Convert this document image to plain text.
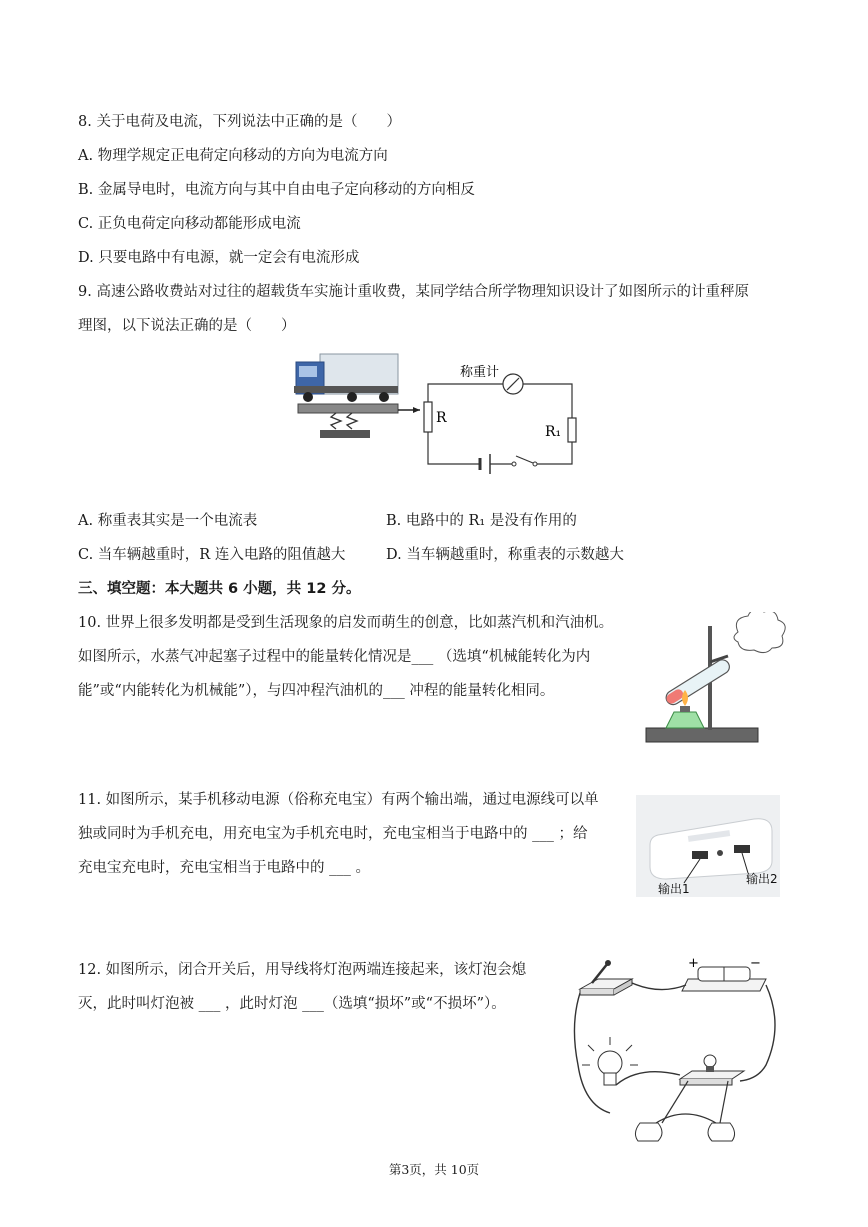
8. 关于电荷及电流，下列说法中正确的是（　　）
A. 物理学规定正电荷定向移动的方向为电流方向
B. 金属导电时，电流方向与其中自由电子定向移动的方向相反
C. 正负电荷定向移动都能形成电流
D. 只要电路中有电源，就一定会有电流形成
9. 高速公路收费站对过往的超载货车实施计重收费，某同学结合所学物理知识设计了如图所示的计重秤原
理图，以下说法正确的是（　　）
R
称重计
R₁
A. 称重表其实是一个电流表	B. 电路中的 R₁ 是没有作用的
C. 当车辆越重时，R 连入电路的阻值越大	D. 当车辆越重时，称重表的示数越大
三、填空题：本大题共 6 小题，共 12 分。
10. 世界上很多发明都是受到生活现象的启发而萌生的创意，比如蒸汽机和汽油机。
如图所示，水蒸气冲起塞子过程中的能量转化情况是___ （选填“机械能转化为内
能”或“内能转化为机械能”），与四冲程汽油机的___ 冲程的能量转化相同。
11. 如图所示，某手机移动电源（俗称充电宝）有两个输出端，通过电源线可以单
独或同时为手机充电，用充电宝为手机充电时，充电宝相当于电路中的 ___ ；给
充电宝充电时，充电宝相当于电路中的 ___ 。
输出1
输出2
12. 如图所示，闭合开关后，用导线将灯泡两端连接起来，该灯泡会熄
灭，此时叫灯泡被 ___ ，此时灯泡 ___（选填“损坏”或“不损坏”）。
+	−
第3页，共 10页
